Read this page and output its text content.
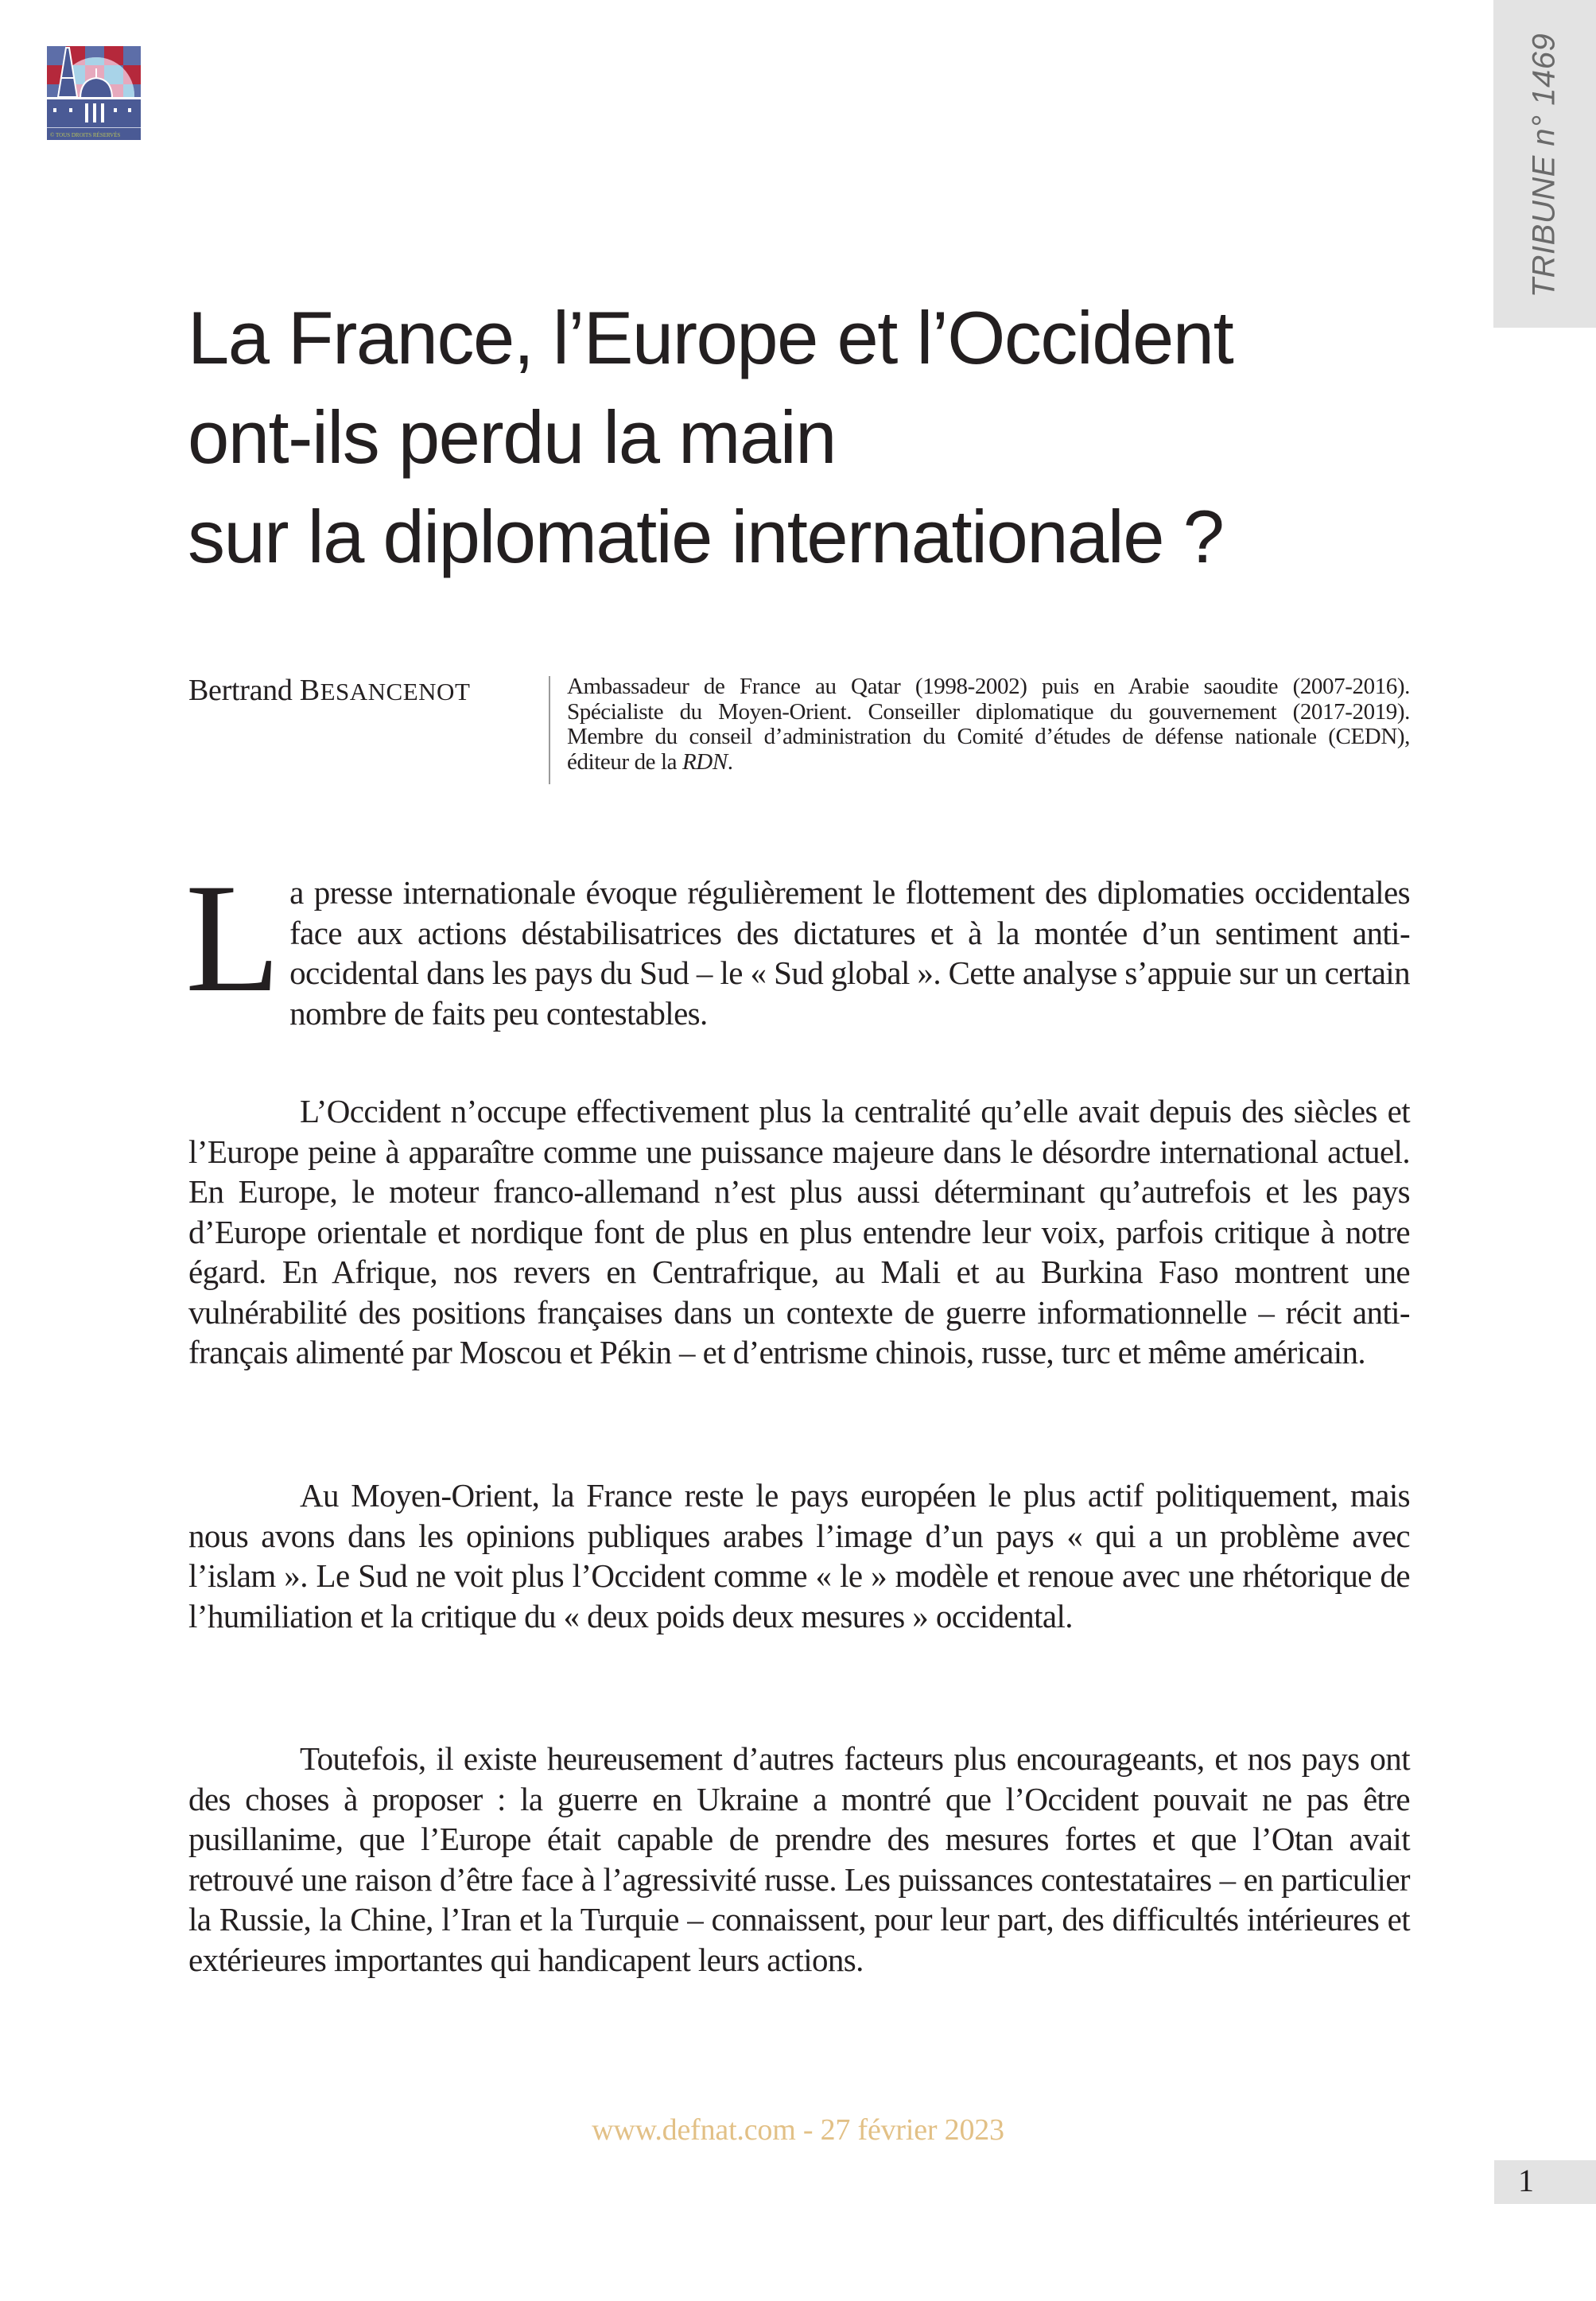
© TOUS DROITS RÉSERVÉS	TRIBUNE n° 1469
La France, l’Europe et l’Occident
ont-ils perdu la main
sur la diplomatie internationale ?
Bertrand BESANCENOT	Ambassadeur de France au Qatar (1998-2002) puis en Arabie saoudite (2007-2016). Spécialiste du Moyen-Orient. Conseiller diplomatique du gouvernement (2017-2019). Membre du conseil d’administration du Comité d’études de défense nationale (CEDN), éditeur de la RDN.

La presse internationale évoque régulièrement le flottement des diplomaties occidentales face aux actions déstabilisatrices des dictatures et à la montée d’un sentiment anti-occidental dans les pays du Sud – le « Sud global ». Cette analyse s’appuie sur un certain nombre de faits peu contestables.

L’Occident n’occupe effectivement plus la centralité qu’elle avait depuis des siècles et l’Europe peine à apparaître comme une puissance majeure dans le désordre international actuel. En Europe, le moteur franco-allemand n’est plus aussi déterminant qu’autrefois et les pays d’Europe orientale et nordique font de plus en plus entendre leur voix, parfois critique à notre égard. En Afrique, nos revers en Centrafrique, au Mali et au Burkina Faso montrent une vulnérabilité des positions françaises dans un contexte de guerre informationnelle – récit anti-français alimenté par Moscou et Pékin – et d’entrisme chinois, russe, turc et même américain.

Au Moyen-Orient, la France reste le pays européen le plus actif politiquement, mais nous avons dans les opinions publiques arabes l’image d’un pays « qui a un problème avec l’islam ». Le Sud ne voit plus l’Occident comme « le » modèle et renoue avec une rhétorique de l’humiliation et la critique du « deux poids deux mesures » occidental.

Toutefois, il existe heureusement d’autres facteurs plus encourageants, et nos pays ont des choses à proposer : la guerre en Ukraine a montré que l’Occident pouvait ne pas être pusillanime, que l’Europe était capable de prendre des mesures fortes et que l’Otan avait retrouvé une raison d’être face à l’agressivité russe. Les puissances contestataires – en particulier la Russie, la Chine, l’Iran et la Turquie – connaissent, pour leur part, des difficultés intérieures et extérieures importantes qui handicapent leurs actions.

www.defnat.com - 27 février 2023
1
